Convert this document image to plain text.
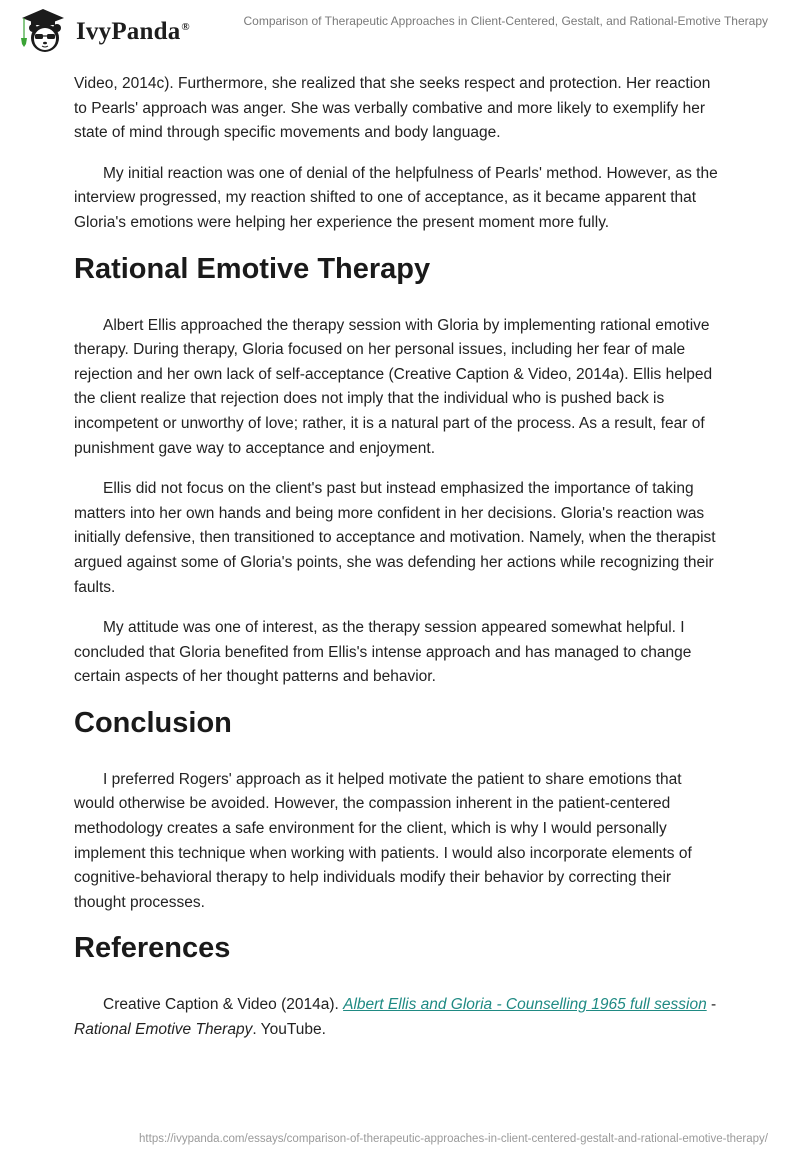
IvyPanda®	Comparison of Therapeutic Approaches in Client-Centered, Gestalt, and Rational-Emotive Therapy

Video, 2014c). Furthermore, she realized that she seeks respect and protection. Her reaction to Pearls' approach was anger. She was verbally combative and more likely to exemplify her state of mind through specific movements and body language.

My initial reaction was one of denial of the helpfulness of Pearls' method. However, as the interview progressed, my reaction shifted to one of acceptance, as it became apparent that Gloria's emotions were helping her experience the present moment more fully.

Rational Emotive Therapy

Albert Ellis approached the therapy session with Gloria by implementing rational emotive therapy. During therapy, Gloria focused on her personal issues, including her fear of male rejection and her own lack of self-acceptance (Creative Caption & Video, 2014a). Ellis helped the client realize that rejection does not imply that the individual who is pushed back is incompetent or unworthy of love; rather, it is a natural part of the process. As a result, fear of punishment gave way to acceptance and enjoyment.

Ellis did not focus on the client's past but instead emphasized the importance of taking matters into her own hands and being more confident in her decisions. Gloria's reaction was initially defensive, then transitioned to acceptance and motivation. Namely, when the therapist argued against some of Gloria's points, she was defending her actions while recognizing their faults.

My attitude was one of interest, as the therapy session appeared somewhat helpful. I concluded that Gloria benefited from Ellis's intense approach and has managed to change certain aspects of her thought patterns and behavior.

Conclusion

I preferred Rogers' approach as it helped motivate the patient to share emotions that would otherwise be avoided. However, the compassion inherent in the patient-centered methodology creates a safe environment for the client, which is why I would personally implement this technique when working with patients. I would also incorporate elements of cognitive-behavioral therapy to help individuals modify their behavior by correcting their thought processes.

References

Creative Caption & Video (2014a). Albert Ellis and Gloria - Counselling 1965 full session - Rational Emotive Therapy. YouTube.

https://ivypanda.com/essays/comparison-of-therapeutic-approaches-in-client-centered-gestalt-and-rational-emotive-therapy/
